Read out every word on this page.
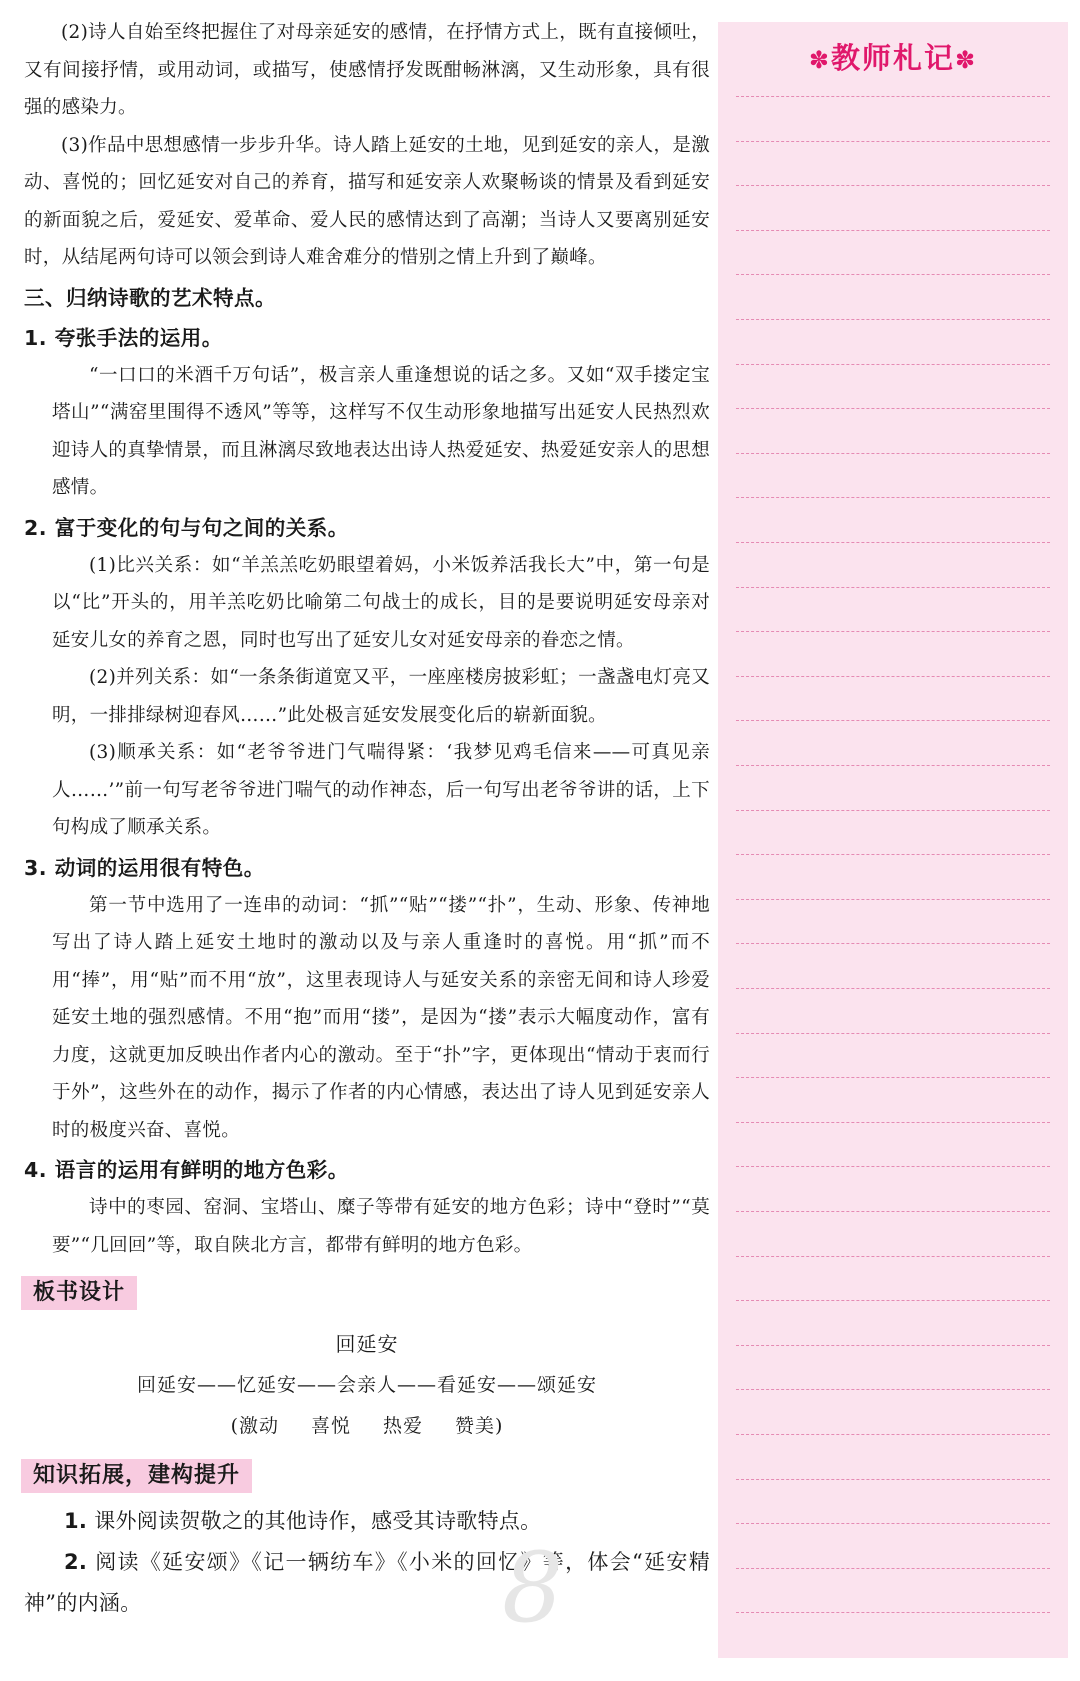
(2)诗人自始至终把握住了对母亲延安的感情，在抒情方式上，既有直接倾吐，又有间接抒情，或用动词，或描写，使感情抒发既酣畅淋漓，又生动形象，具有很强的感染力。

(3)作品中思想感情一步步升华。诗人踏上延安的土地，见到延安的亲人，是激动、喜悦的；回忆延安对自己的养育，描写和延安亲人欢聚畅谈的情景及看到延安的新面貌之后，爱延安、爱革命、爱人民的感情达到了高潮；当诗人又要离别延安时，从结尾两句诗可以领会到诗人难舍难分的惜别之情上升到了巅峰。

三、归纳诗歌的艺术特点。
1. 夸张手法的运用。

“一口口的米酒千万句话”，极言亲人重逢想说的话之多。又如“双手搂定宝塔山”“满窑里围得不透风”等等，这样写不仅生动形象地描写出延安人民热烈欢迎诗人的真挚情景，而且淋漓尽致地表达出诗人热爱延安、热爱延安亲人的思想感情。

2. 富于变化的句与句之间的关系。

(1)比兴关系：如“羊羔羔吃奶眼望着妈，小米饭养活我长大”中，第一句是以“比”开头的，用羊羔吃奶比喻第二句战士的成长，目的是要说明延安母亲对延安儿女的养育之恩，同时也写出了延安儿女对延安母亲的眷恋之情。

(2)并列关系：如“一条条街道宽又平，一座座楼房披彩虹；一盏盏电灯亮又明，一排排绿树迎春风……”此处极言延安发展变化后的崭新面貌。

(3)顺承关系：如“老爷爷进门气喘得紧：‘我梦见鸡毛信来——可真见亲人……’”前一句写老爷爷进门喘气的动作神态，后一句写出老爷爷讲的话，上下句构成了顺承关系。

3. 动词的运用很有特色。

第一节中选用了一连串的动词：“抓”“贴”“搂”“扑”，生动、形象、传神地写出了诗人踏上延安土地时的激动以及与亲人重逢时的喜悦。用“抓”而不用“捧”，用“贴”而不用“放”，这里表现诗人与延安关系的亲密无间和诗人珍爱延安土地的强烈感情。不用“抱”而用“搂”，是因为“搂”表示大幅度动作，富有力度，这就更加反映出作者内心的激动。至于“扑”字，更体现出“情动于衷而行于外”，这些外在的动作，揭示了作者的内心情感，表达出了诗人见到延安亲人时的极度兴奋、喜悦。

4. 语言的运用有鲜明的地方色彩。

诗中的枣园、窑洞、宝塔山、糜子等带有延安的地方色彩；诗中“登时”“莫要”“几回回”等，取自陕北方言，都带有鲜明的地方色彩。

板书设计
回延安
回延安——忆延安——会亲人——看延安——颂延安
(激动 喜悦 热爱 赞美)
知识拓展，建构提升

1. 课外阅读贺敬之的其他诗作，感受其诗歌特点。

2. 阅读《延安颂》《记一辆纺车》《小米的回忆》等，体会“延安精神”的内涵。	8
✽教师札记✽
